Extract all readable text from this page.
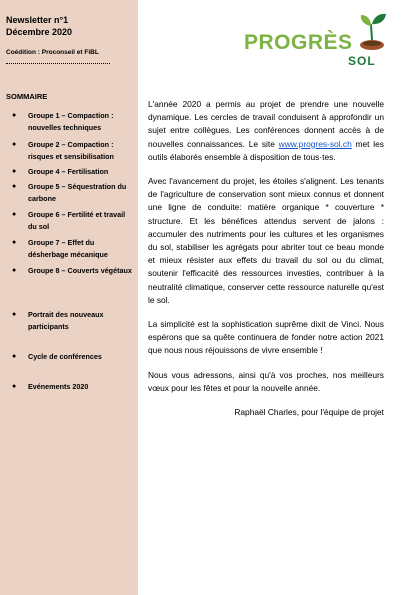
Newsletter n°1
Décembre 2020
Coédition : Proconseil et FiBL
SOMMAIRE
● Groupe 1 – Compaction : nouvelles techniques
● Groupe 2 – Compaction : risques et sensibilisation
● Groupe 4 – Fertilisation
● Groupe 5 – Séquestration du carbone
● Groupe 6 – Fertilité et travail du sol
● Groupe 7 – Effet du désherbage mécanique
● Groupe 8 – Couverts végétaux
● Portrait des nouveaux participants
● Cycle de conférences
● Evénements 2020
PROGRÈS
SOL

L'année 2020 a permis au projet de prendre une nouvelle dynamique. Les cercles de travail conduisent à approfondir un sujet entre collègues. Les conférences donnent accès à de nouvelles connaissances. Le site www.progres-sol.ch met les outils élaborés ensemble à disposition de tous·tes.

Avec l'avancement du projet, les étoiles s'alignent. Les tenants de l'agriculture de conservation sont mieux connus et donnent une ligne de conduite: matière organique * couverture * structure. Et les bénéfices attendus servent de jalons : accumuler des nutriments pour les cultures et les organismes du sol, stabiliser les agrégats pour abriter tout ce beau monde et mieux résister aux effets du travail du sol ou du climat, soutenir l'efficacité des ressources investies, contribuer à la neutralité climatique, conserver cette ressource naturelle qu'est le sol.

La simplicité est la sophistication suprême dixit de Vinci. Nous espérons que sa quête continuera de fonder notre action 2021 que nous nous réjouissons de vivre ensemble !

Nous vous adressons, ainsi qu'à vos proches, nos meilleurs vœux pour les fêtes et pour la nouvelle année.

Raphaël Charles, pour l'équipe de projet
